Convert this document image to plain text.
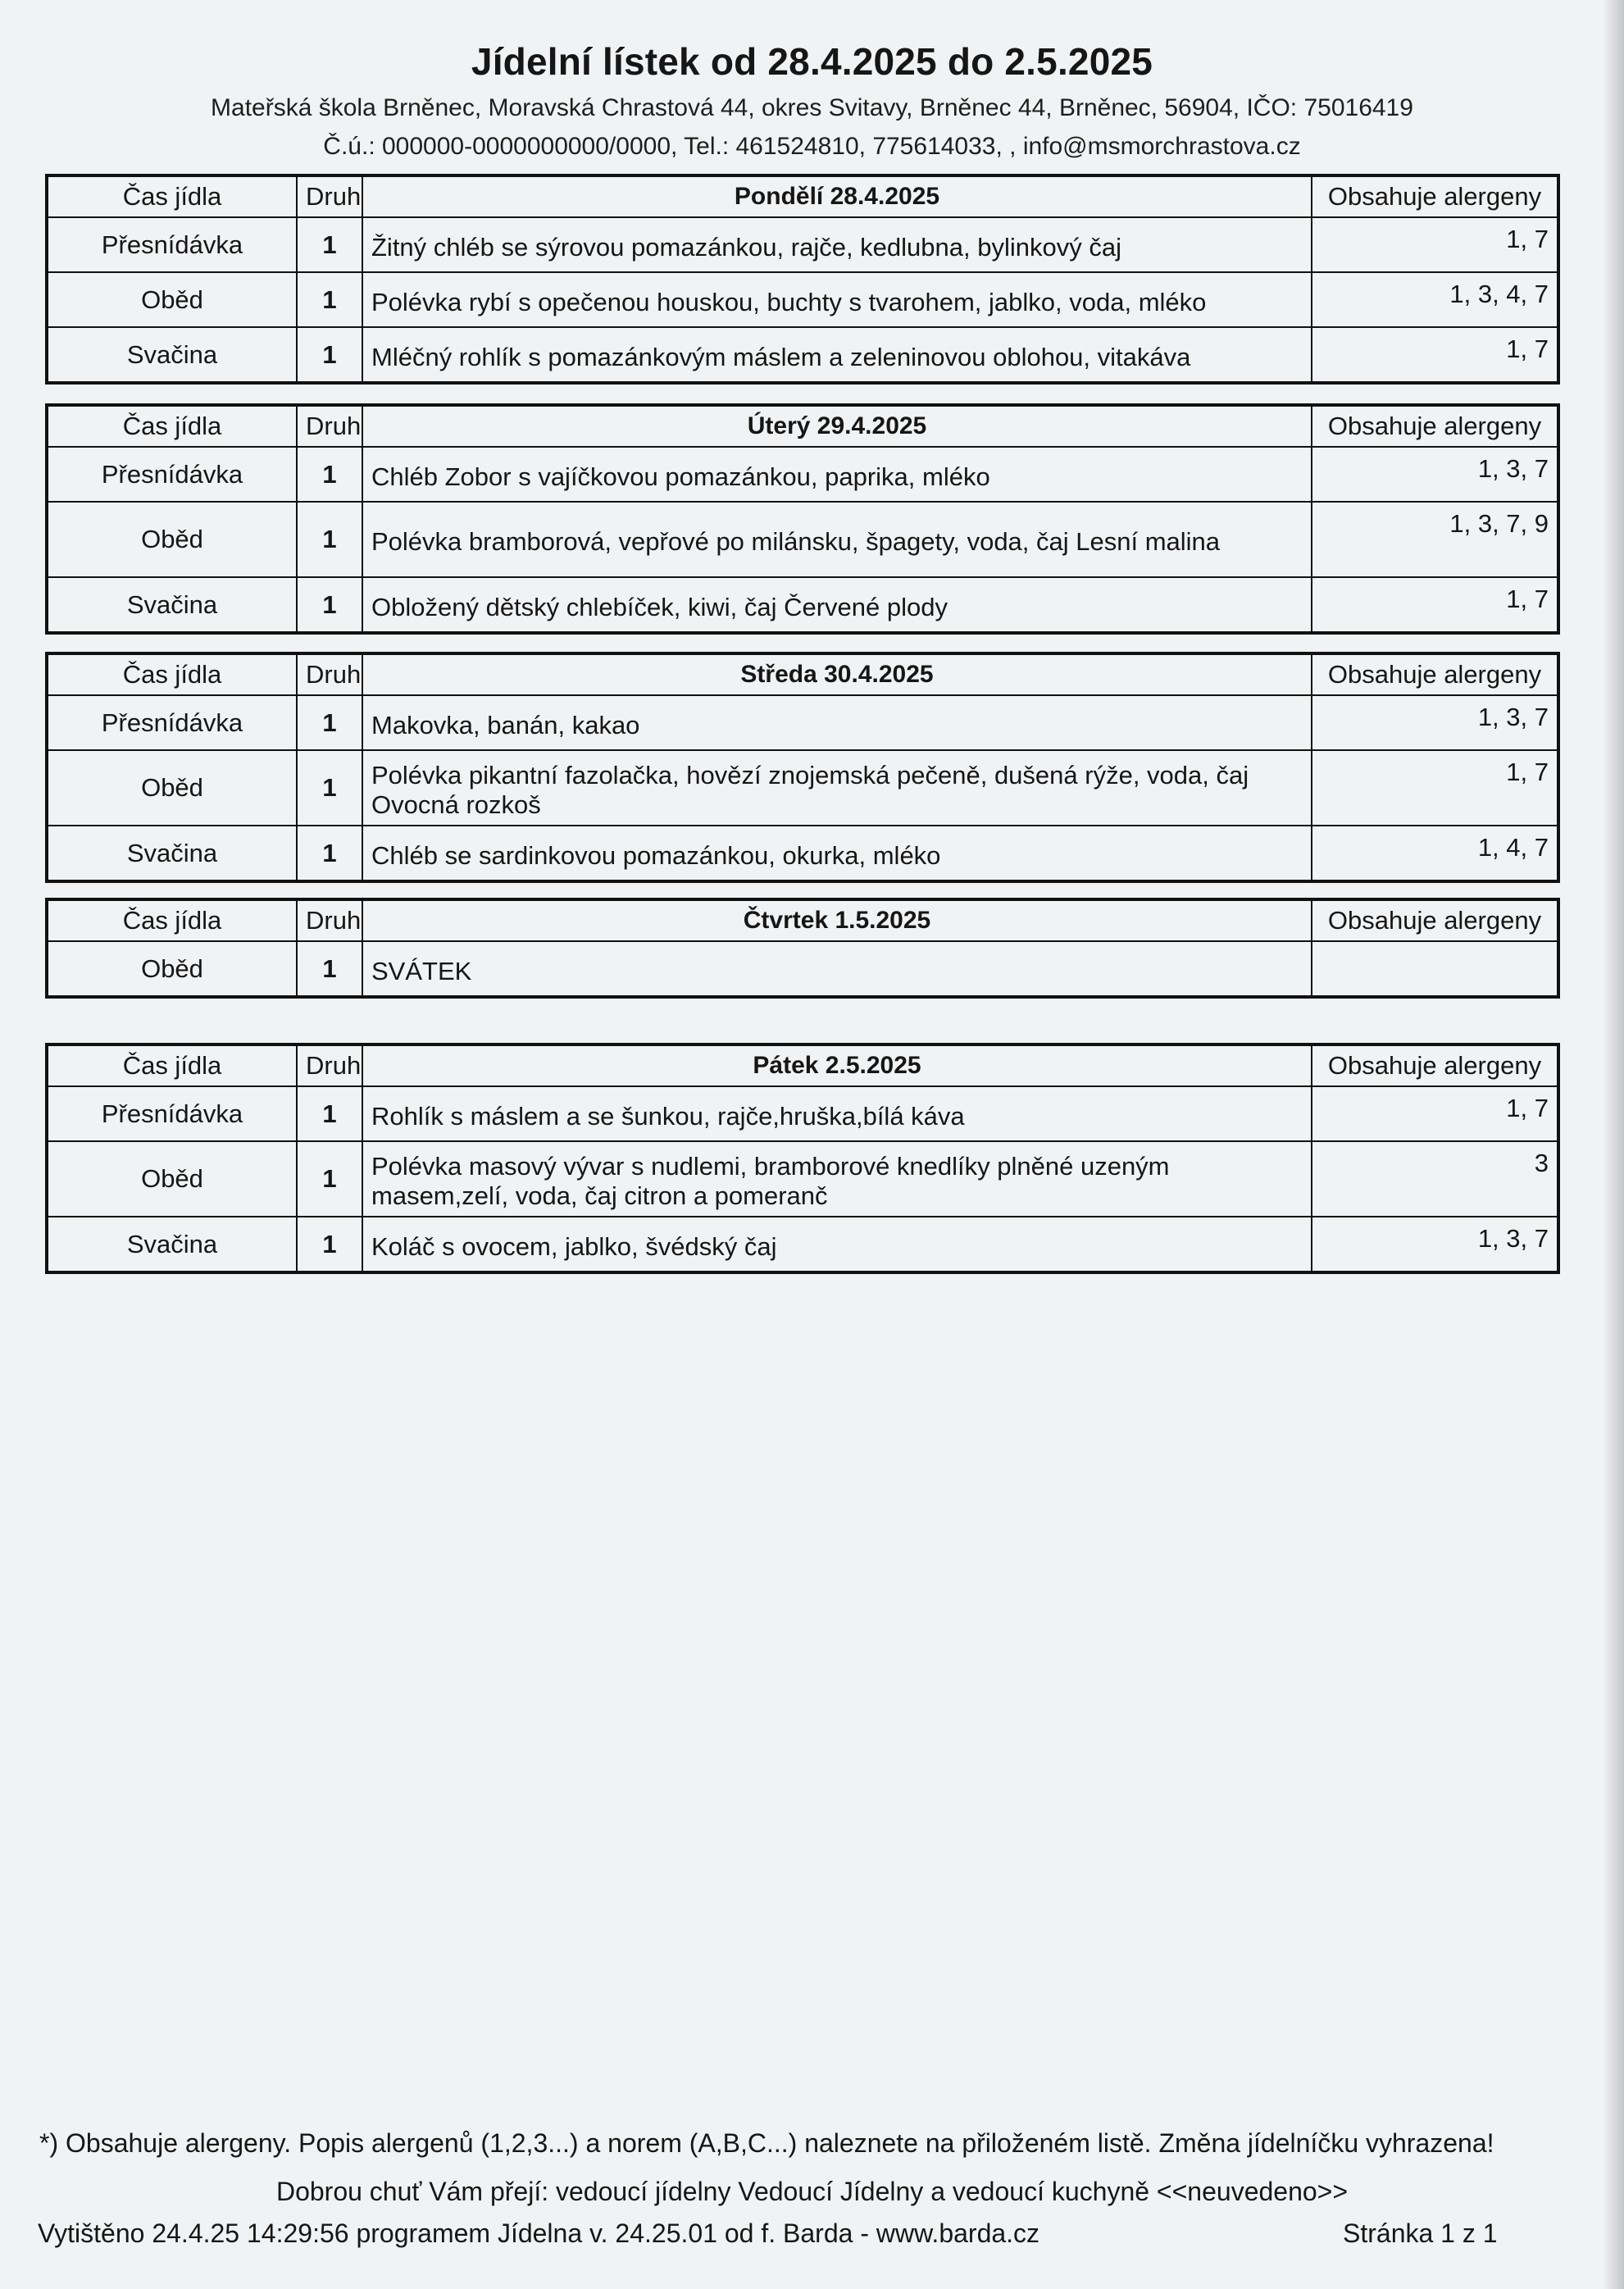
Jídelní lístek od 28.4.2025 do 2.5.2025
Mateřská škola Brněnec, Moravská Chrastová 44, okres Svitavy, Brněnec 44, Brněnec, 56904, IČO: 75016419
Č.ú.: 000000-0000000000/0000, Tel.: 461524810, 775614033, , info@msmorchrastova.cz
Čas jídla	Druh	Pondělí 28.4.2025	Obsahuje alergeny
Přesnídávka	1	Žitný chléb se sýrovou pomazánkou, rajče, kedlubna, bylinkový čaj	1, 7
Oběd	1	Polévka rybí s opečenou houskou, buchty s tvarohem, jablko, voda, mléko	1, 3, 4, 7
Svačina	1	Mléčný rohlík s pomazánkovým máslem a zeleninovou oblohou, vitakáva	1, 7
Čas jídla	Druh	Úterý 29.4.2025	Obsahuje alergeny
Přesnídávka	1	Chléb Zobor s vajíčkovou pomazánkou, paprika, mléko	1, 3, 7
Oběd	1	Polévka bramborová, vepřové po milánsku, špagety, voda, čaj Lesní malina	1, 3, 7, 9
Svačina	1	Obložený dětský chlebíček, kiwi, čaj Červené plody	1, 7
Čas jídla	Druh	Středa 30.4.2025	Obsahuje alergeny
Přesnídávka	1	Makovka, banán, kakao	1, 3, 7
Oběd	1	Polévka pikantní fazolačka, hovězí znojemská pečeně, dušená rýže, voda, čaj Ovocná rozkoš	1, 7
Svačina	1	Chléb se sardinkovou pomazánkou, okurka, mléko	1, 4, 7
Čas jídla	Druh	Čtvrtek 1.5.2025	Obsahuje alergeny
Oběd	1	SVÁTEK	

Čas jídla	Druh	Pátek 2.5.2025	Obsahuje alergeny
Přesnídávka	1	Rohlík s máslem a se šunkou, rajče,hruška,bílá káva	1, 7
Oběd	1	Polévka masový vývar s nudlemi, bramborové knedlíky plněné uzeným masem,zelí, voda, čaj citron a pomeranč	3
Svačina	1	Koláč s ovocem, jablko, švédský čaj	1, 3, 7
*) Obsahuje alergeny. Popis alergenů (1,2,3...) a norem (A,B,C...) naleznete na přiloženém listě. Změna jídelníčku vyhrazena!
Dobrou chuť Vám přejí: vedoucí jídelny Vedoucí Jídelny a vedoucí kuchyně <<neuvedeno>>
Vytištěno 24.4.25 14:29:56 programem Jídelna v. 24.25.01 od f. Barda - www.barda.cz	Stránka 1 z 1
